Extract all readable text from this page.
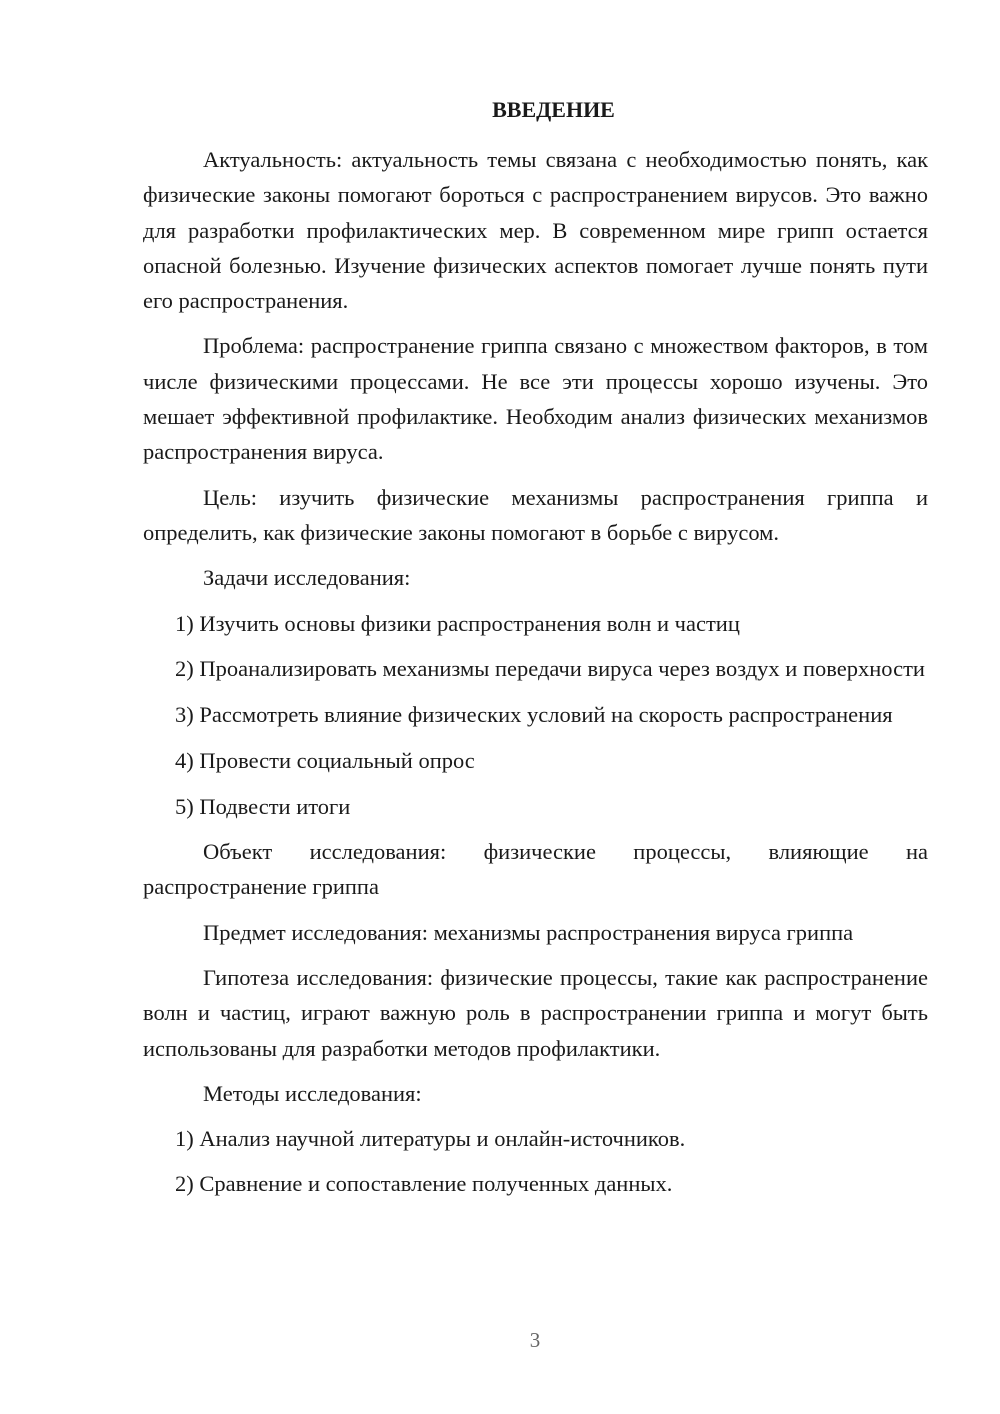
ВВЕДЕНИЕ

Актуальность: актуальность темы связана с необходимостью понять, как физические законы помогают бороться с распространением вирусов. Это важно для разработки профилактических мер. В современном мире грипп остается опасной болезнью. Изучение физических аспектов помогает лучше понять пути его распространения.

Проблема: распространение гриппа связано с множеством факторов, в том числе физическими процессами. Не все эти процессы хорошо изучены. Это мешает эффективной профилактике. Необходим анализ физических механизмов распространения вируса.

Цель: изучить физические механизмы распространения гриппа и определить, как физические законы помогают в борьбе с вирусом.

Задачи исследования:

1) Изучить основы физики распространения волн и частиц

2) Проанализировать механизмы передачи вируса через воздух и поверхности

3) Рассмотреть влияние физических условий на скорость распространения

4) Провести социальный опрос

5) Подвести итоги

Объект исследования: физические процессы, влияющие на распространение гриппа

Предмет исследования: механизмы распространения вируса гриппа

Гипотеза исследования: физические процессы, такие как распространение волн и частиц, играют важную роль в распространении гриппа и могут быть использованы для разработки методов профилактики.

Методы исследования:

1) Анализ научной литературы и онлайн-источников.

2) Сравнение и сопоставление полученных данных.

3
